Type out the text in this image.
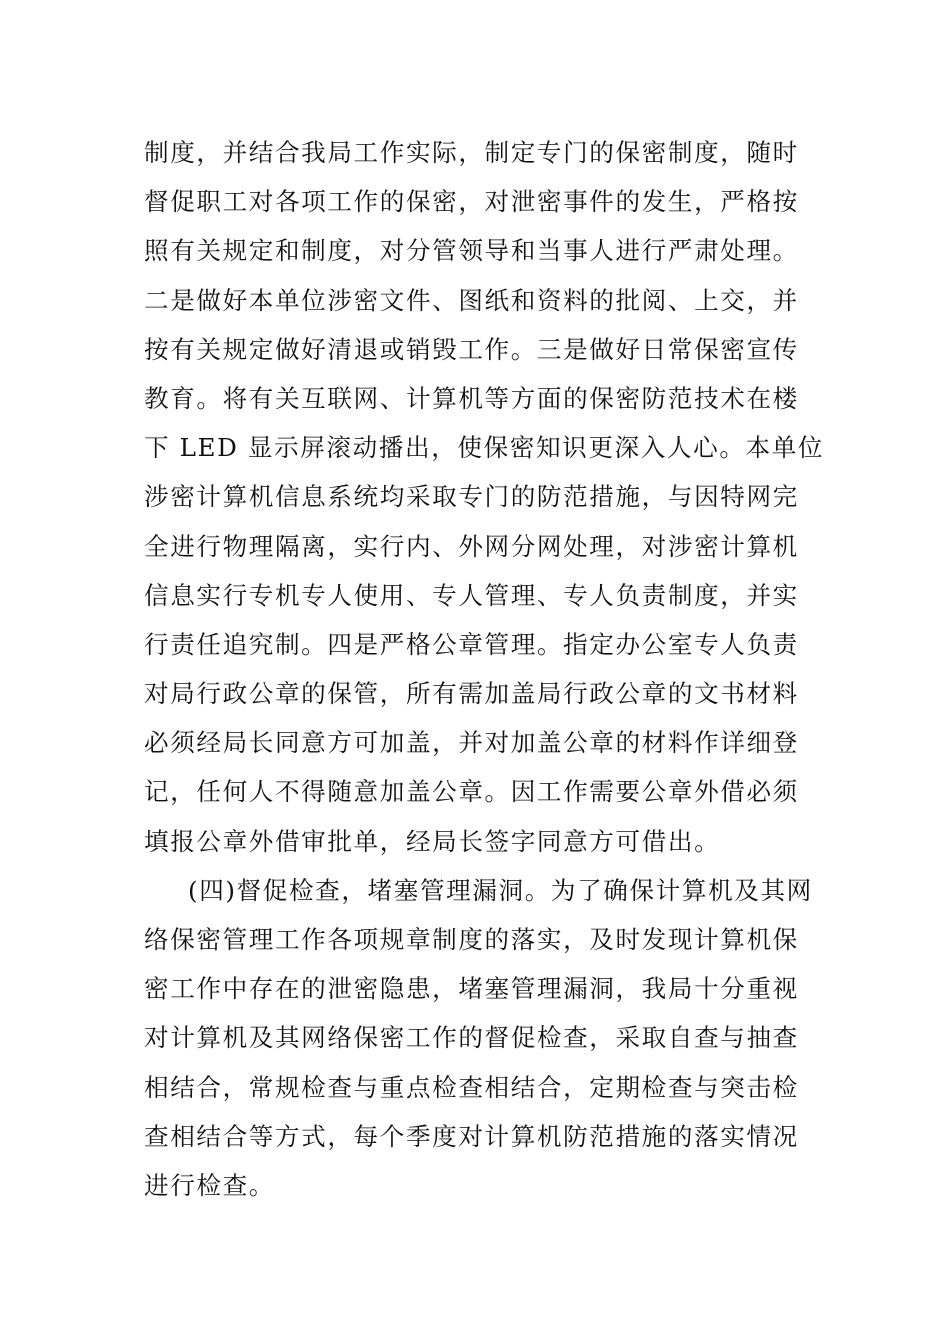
制度，并结合我局工作实际，制定专门的保密制度，随时
督促职工对各项工作的保密，对泄密事件的发生，严格按
照有关规定和制度，对分管领导和当事人进行严肃处理。
二是做好本单位涉密文件、图纸和资料的批阅、上交，并
按有关规定做好清退或销毁工作。三是做好日常保密宣传
教育。将有关互联网、计算机等方面的保密防范技术在楼
下 LED 显示屏滚动播出，使保密知识更深入人心。本单位
涉密计算机信息系统均采取专门的防范措施，与因特网完
全进行物理隔离，实行内、外网分网处理，对涉密计算机
信息实行专机专人使用、专人管理、专人负责制度，并实
行责任追究制。四是严格公章管理。指定办公室专人负责
对局行政公章的保管，所有需加盖局行政公章的文书材料
必须经局长同意方可加盖，并对加盖公章的材料作详细登
记，任何人不得随意加盖公章。因工作需要公章外借必须
填报公章外借审批单，经局长签字同意方可借出。
(四)督促检查，堵塞管理漏洞。为了确保计算机及其网
络保密管理工作各项规章制度的落实，及时发现计算机保
密工作中存在的泄密隐患，堵塞管理漏洞，我局十分重视
对计算机及其网络保密工作的督促检查，采取自查与抽查
相结合，常规检查与重点检查相结合，定期检查与突击检
查相结合等方式，每个季度对计算机防范措施的落实情况
进行检查。
